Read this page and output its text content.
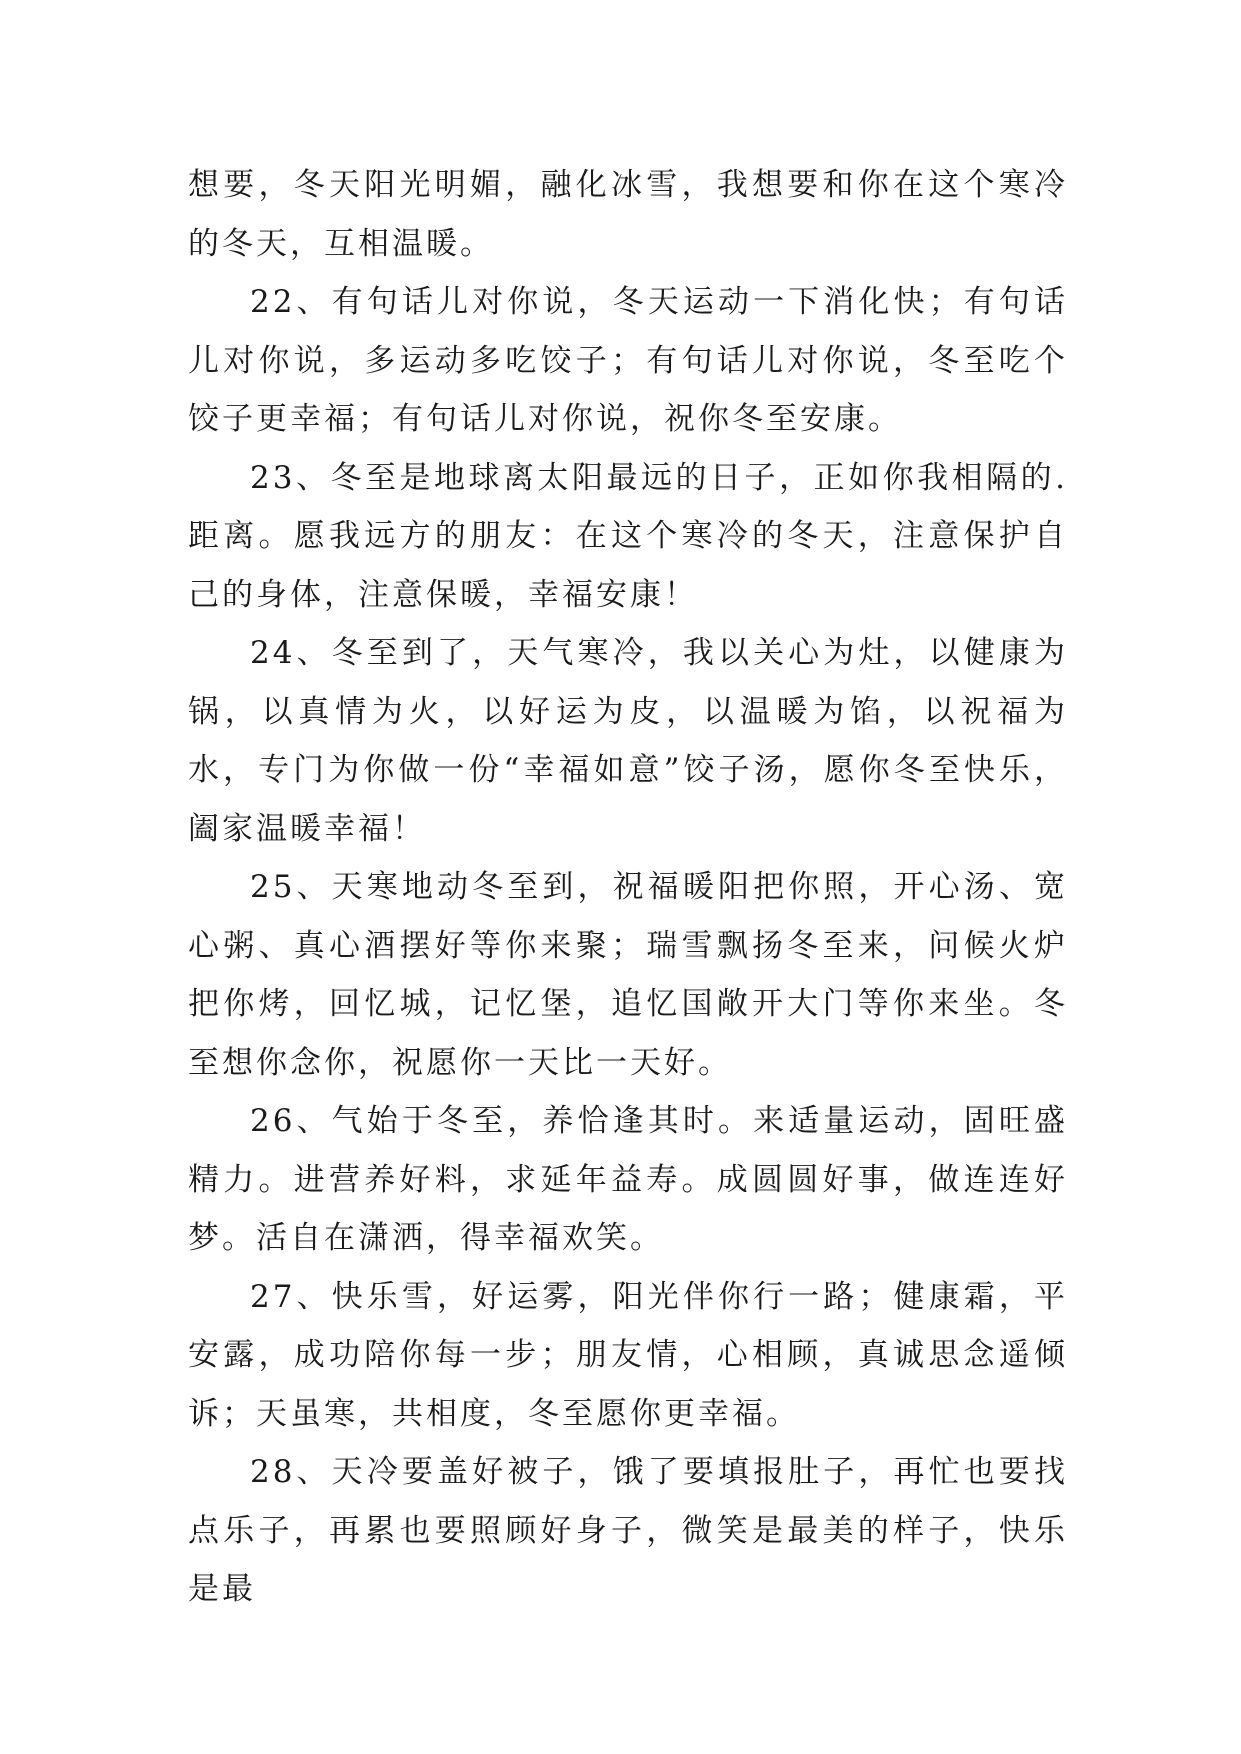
想要，冬天阳光明媚，融化冰雪，我想要和你在这个寒冷的冬天，互相温暖。

22、有句话儿对你说，冬天运动一下消化快；有句话儿对你说，多运动多吃饺子；有句话儿对你说，冬至吃个饺子更幸福；有句话儿对你说，祝你冬至安康。

23、冬至是地球离太阳最远的日子，正如你我相隔的.距离。愿我远方的朋友：在这个寒冷的冬天，注意保护自己的身体，注意保暖，幸福安康！

24、冬至到了，天气寒冷，我以关心为灶，以健康为锅，以真情为火，以好运为皮，以温暖为馅，以祝福为水，专门为你做一份“幸福如意”饺子汤，愿你冬至快乐，阖家温暖幸福！

25、天寒地动冬至到，祝福暖阳把你照，开心汤、宽心粥、真心酒摆好等你来聚；瑞雪飘扬冬至来，问候火炉把你烤，回忆城，记忆堡，追忆国敞开大门等你来坐。冬至想你念你，祝愿你一天比一天好。

26、气始于冬至，养恰逢其时。来适量运动，固旺盛精力。进营养好料，求延年益寿。成圆圆好事，做连连好梦。活自在潇洒，得幸福欢笑。

27、快乐雪，好运雾，阳光伴你行一路；健康霜，平安露，成功陪你每一步；朋友情，心相顾，真诚思念遥倾诉；天虽寒，共相度，冬至愿你更幸福。

28、天冷要盖好被子，饿了要填报肚子，再忙也要找点乐子，再累也要照顾好身子，微笑是最美的样子，快乐是最
